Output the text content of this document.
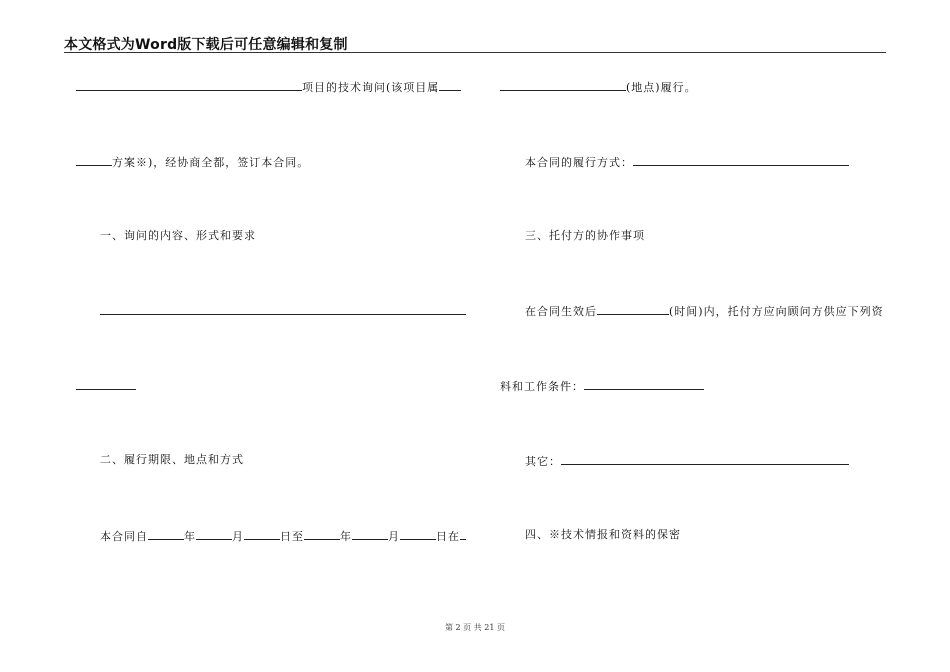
本文格式为Word版下载后可任意编辑和复制
项目的技术询问(该项目属
方案※)，经协商全都，签订本合同。
一、询问的内容、形式和要求
二、履行期限、地点和方式
本合同自	年	月	日至	年	月	日在
(地点)履行。
本合同的履行方式：
三、托付方的协作事项
在合同生效后	(时间)内，托付方应向顾问方供应下列资
料和工作条件：
其它：
四、※技术情报和资料的保密
第 2 页 共 21 页
